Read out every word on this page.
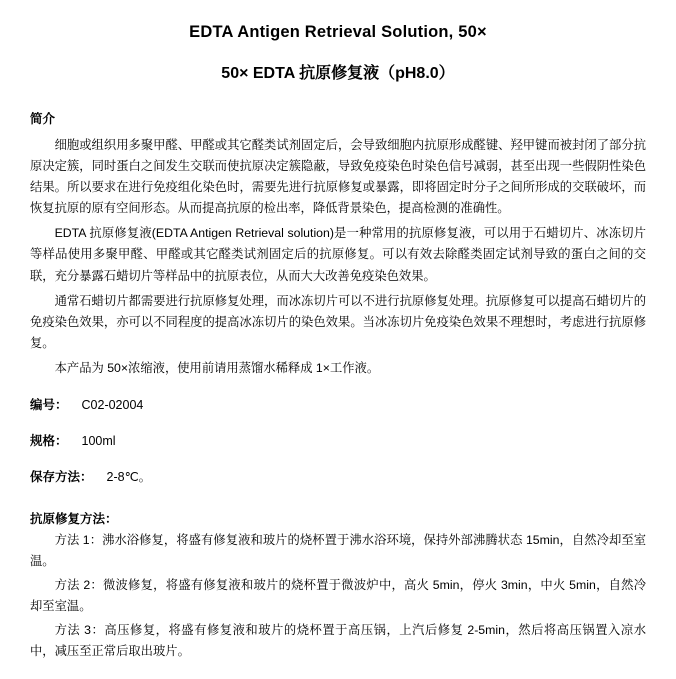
EDTA Antigen Retrieval Solution, 50×
50× EDTA 抗原修复液（pH8.0）
简介

细胞或组织用多聚甲醛、甲醛或其它醛类试剂固定后，会导致细胞内抗原形成醛键、羟甲键而被封闭了部分抗原决定簇，同时蛋白之间发生交联而使抗原决定簇隐蔽，导致免疫染色时染色信号减弱，甚至出现一些假阴性染色结果。所以要求在进行免疫组化染色时，需要先进行抗原修复或暴露，即将固定时分子之间所形成的交联破坏，而恢复抗原的原有空间形态。从而提高抗原的检出率，降低背景染色，提高检测的准确性。

EDTA 抗原修复液(EDTA Antigen Retrieval solution)是一种常用的抗原修复液，可以用于石蜡切片、冰冻切片等样品使用多聚甲醛、甲醛或其它醛类试剂固定后的抗原修复。可以有效去除醛类固定试剂导致的蛋白之间的交联，充分暴露石蜡切片等样品中的抗原表位，从而大大改善免疫染色效果。

通常石蜡切片都需要进行抗原修复处理，而冰冻切片可以不进行抗原修复处理。抗原修复可以提高石蜡切片的免疫染色效果，亦可以不同程度的提高冰冻切片的染色效果。当冰冻切片免疫染色效果不理想时，考虑进行抗原修复。

本产品为 50×浓缩液，使用前请用蒸馏水稀释成 1×工作液。

编号： C02-02004
规格： 100ml
保存方法： 2-8℃。
抗原修复方法：

方法 1：沸水浴修复，将盛有修复液和玻片的烧杯置于沸水浴环境，保持外部沸腾状态 15min，自然冷却至室温。

方法 2：微波修复，将盛有修复液和玻片的烧杯置于微波炉中，高火 5min，停火 3min，中火 5min，自然冷却至室温。

方法 3：高压修复，将盛有修复液和玻片的烧杯置于高压锅，上汽后修复 2-5min，然后将高压锅置入凉水中，减压至正常后取出玻片。
